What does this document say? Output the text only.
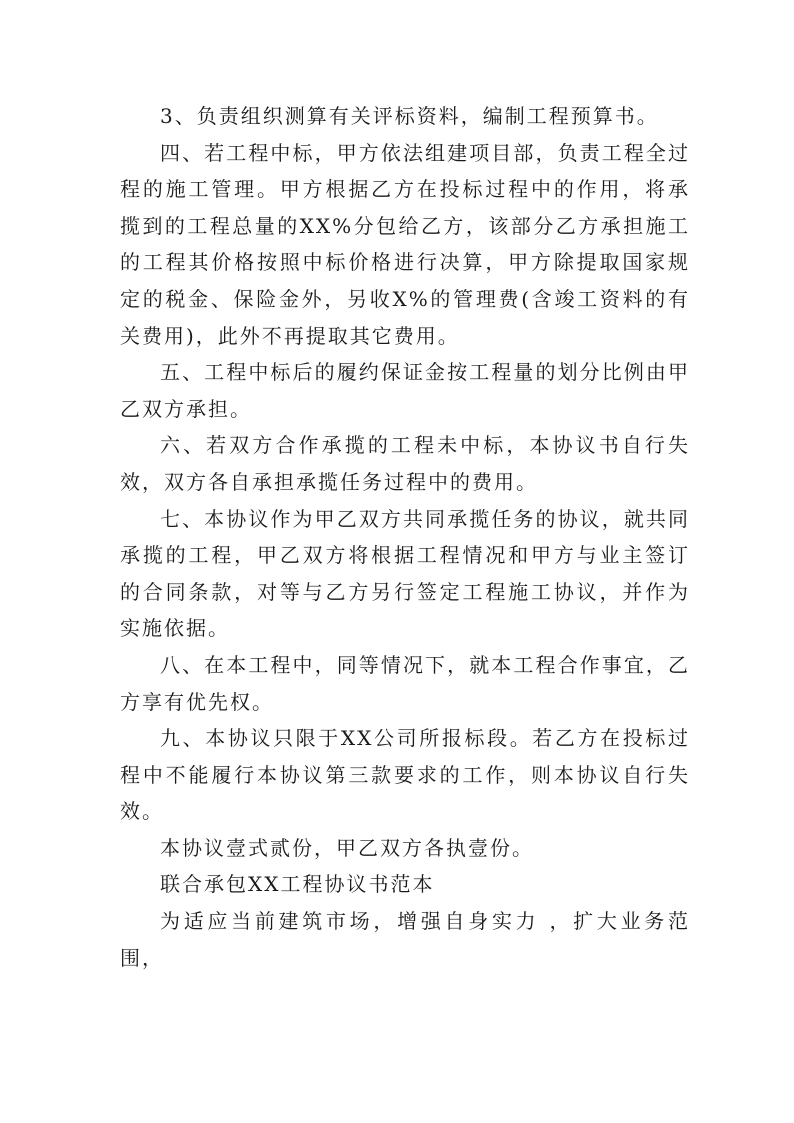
3、负责组织测算有关评标资料，编制工程预算书。

四、若工程中标，甲方依法组建项目部，负责工程全过程的施工管理。甲方根据乙方在投标过程中的作用，将承揽到的工程总量的XX%分包给乙方，该部分乙方承担施工的工程其价格按照中标价格进行决算，甲方除提取国家规定的税金、保险金外，另收X%的管理费(含竣工资料的有关费用)，此外不再提取其它费用。

五、工程中标后的履约保证金按工程量的划分比例由甲乙双方承担。

六、若双方合作承揽的工程未中标，本协议书自行失效，双方各自承担承揽任务过程中的费用。

七、本协议作为甲乙双方共同承揽任务的协议，就共同承揽的工程，甲乙双方将根据工程情况和甲方与业主签订的合同条款，对等与乙方另行签定工程施工协议，并作为实施依据。

八、在本工程中，同等情况下，就本工程合作事宜，乙方享有优先权。

九、本协议只限于XX公司所报标段。若乙方在投标过程中不能履行本协议第三款要求的工作，则本协议自行失效。

本协议壹式贰份，甲乙双方各执壹份。

联合承包XX工程协议书范本

为适应当前建筑市场，增强自身实力 ，扩大业务范围，
